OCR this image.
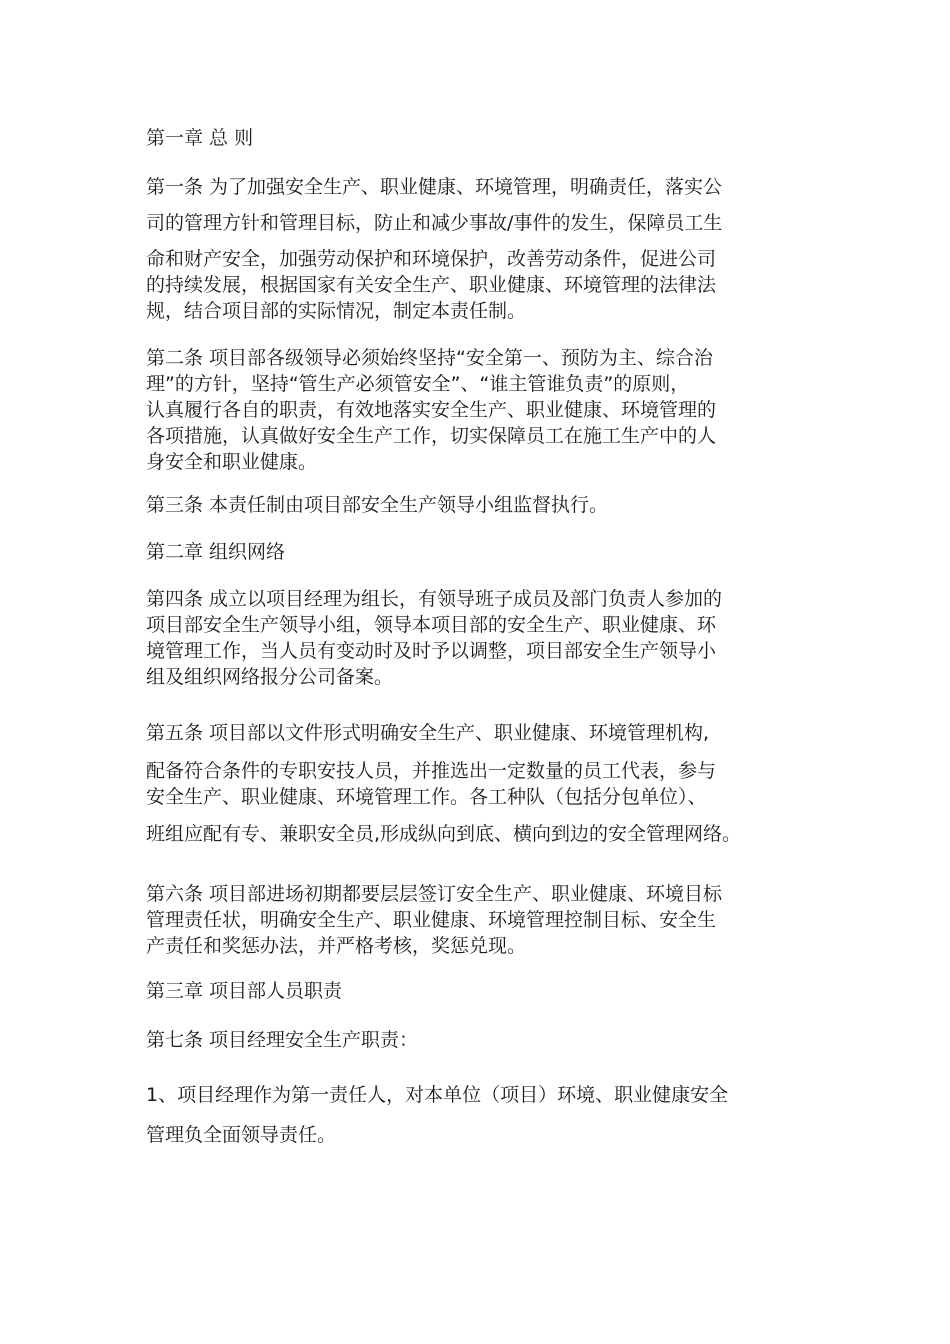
第一章 总 则
第一条 为了加强安全生产、职业健康、环境管理，明确责任，落实公
司的管理方针和管理目标，防止和减少事故/事件的发生，保障员工生
命和财产安全，加强劳动保护和环境保护，改善劳动条件，促进公司
的持续发展，根据国家有关安全生产、职业健康、环境管理的法律法
规，结合项目部的实际情况，制定本责任制。
第二条 项目部各级领导必须始终坚持“安全第一、预防为主、综合治
理”的方针，坚持“管生产必须管安全”、“谁主管谁负责”的原则，
认真履行各自的职责，有效地落实安全生产、职业健康、环境管理的
各项措施，认真做好安全生产工作，切实保障员工在施工生产中的人
身安全和职业健康。
第三条 本责任制由项目部安全生产领导小组监督执行。
第二章 组织网络
第四条 成立以项目经理为组长，有领导班子成员及部门负责人参加的
项目部安全生产领导小组，领导本项目部的安全生产、职业健康、环
境管理工作，当人员有变动时及时予以调整，项目部安全生产领导小
组及组织网络报分公司备案。
第五条 项目部以文件形式明确安全生产、职业健康、环境管理机构,
配备符合条件的专职安技人员，并推选出一定数量的员工代表，参与
安全生产、职业健康、环境管理工作。各工种队（包括分包单位）、
班组应配有专、兼职安全员,形成纵向到底、横向到边的安全管理网络。
第六条 项目部进场初期都要层层签订安全生产、职业健康、环境目标
管理责任状，明确安全生产、职业健康、环境管理控制目标、安全生
产责任和奖惩办法，并严格考核，奖惩兑现。
第三章 项目部人员职责
第七条 项目经理安全生产职责：
1、项目经理作为第一责任人，对本单位（项目）环境、职业健康安全
管理负全面领导责任。
